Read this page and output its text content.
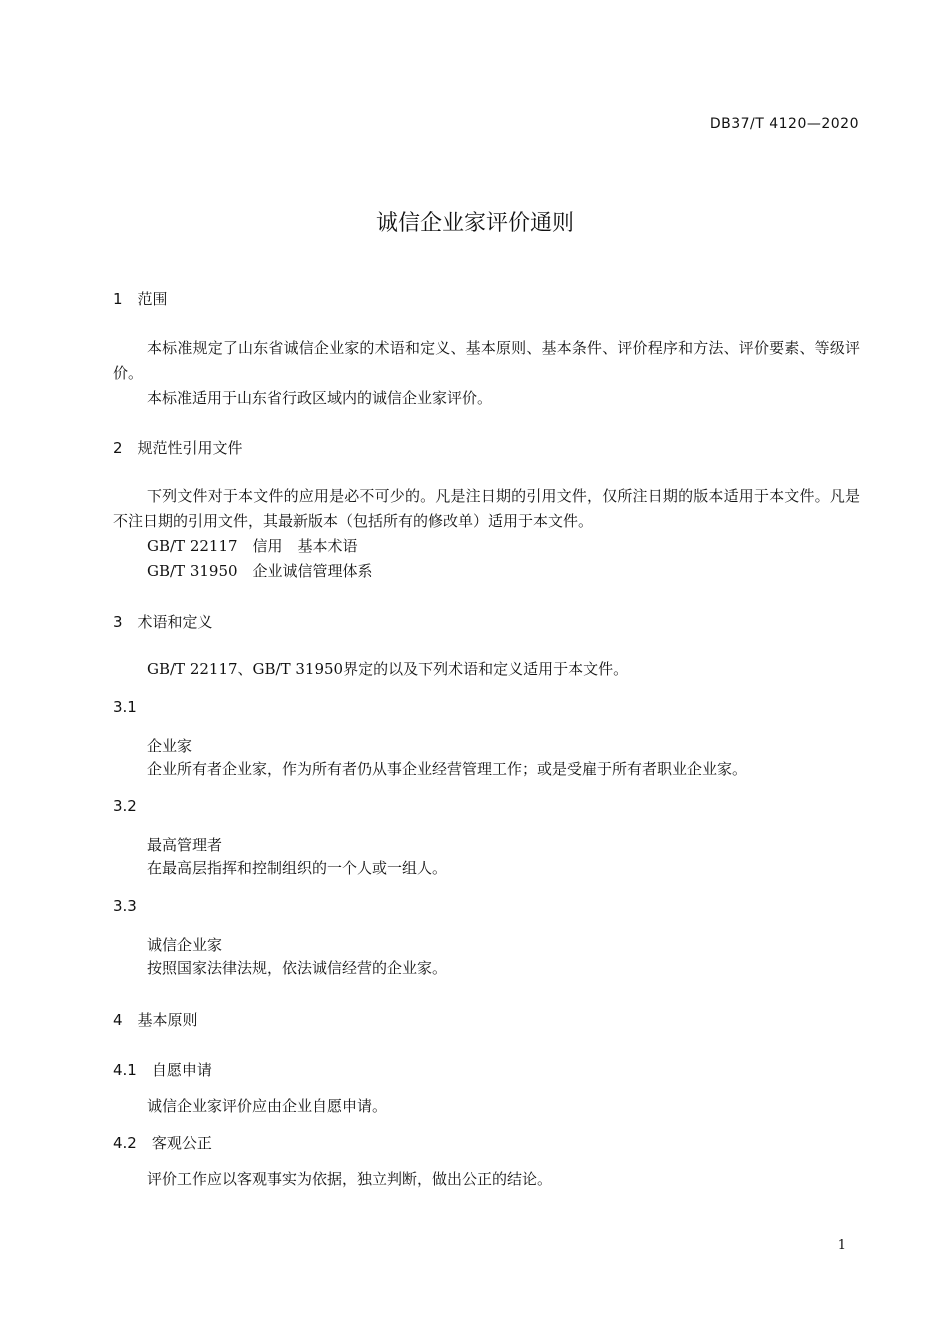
DB37/T 4120—2020
诚信企业家评价通则
1　范围
本标准规定了山东省诚信企业家的术语和定义、基本原则、基本条件、评价程序和方法、评价要素、等级评价。
本标准适用于山东省行政区域内的诚信企业家评价。
2　规范性引用文件
下列文件对于本文件的应用是必不可少的。凡是注日期的引用文件，仅所注日期的版本适用于本文件。凡是不注日期的引用文件，其最新版本（包括所有的修改单）适用于本文件。
GB/T 22117　信用　基本术语
GB/T 31950　企业诚信管理体系
3　术语和定义
GB/T 22117、GB/T 31950界定的以及下列术语和定义适用于本文件。
3.1
企业家
企业所有者企业家，作为所有者仍从事企业经营管理工作；或是受雇于所有者职业企业家。
3.2
最高管理者
在最高层指挥和控制组织的一个人或一组人。
3.3
诚信企业家
按照国家法律法规，依法诚信经营的企业家。
4　基本原则
4.1　自愿申请
诚信企业家评价应由企业自愿申请。
4.2　客观公正
评价工作应以客观事实为依据，独立判断，做出公正的结论。
1
